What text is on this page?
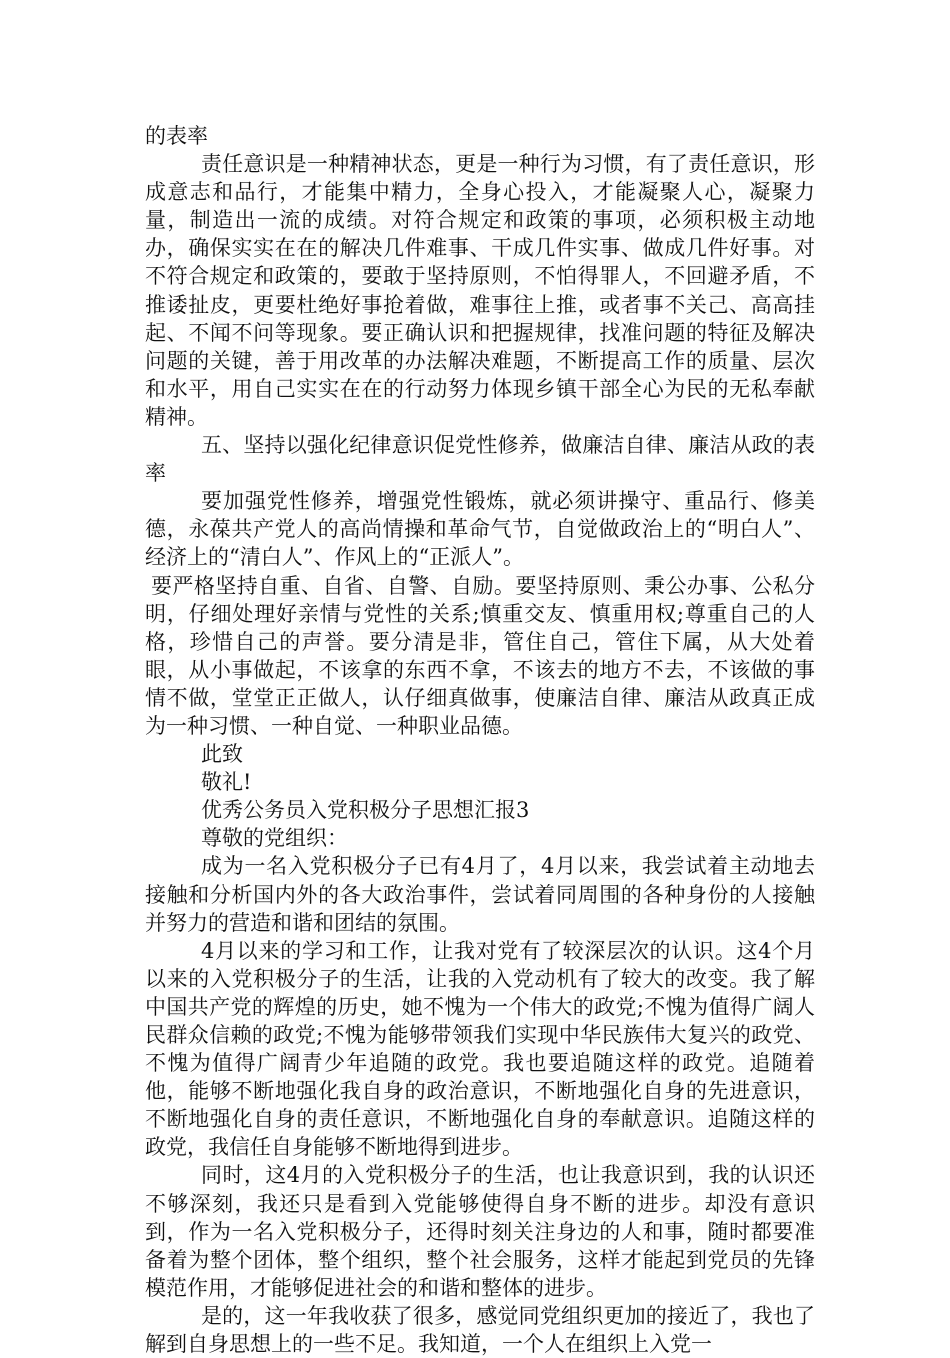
的表率

责任意识是一种精神状态，更是一种行为习惯，有了责任意识，形成意志和品行，才能集中精力，全身心投入，才能凝聚人心，凝聚力量，制造出一流的成绩。对符合规定和政策的事项，必须积极主动地办，确保实实在在的解决几件难事、干成几件实事、做成几件好事。对不符合规定和政策的，要敢于坚持原则，不怕得罪人，不回避矛盾，不推诿扯皮，更要杜绝好事抢着做，难事往上推，或者事不关己、高高挂起、不闻不问等现象。要正确认识和把握规律，找准问题的特征及解决问题的关键，善于用改革的办法解决难题，不断提高工作的质量、层次和水平，用自己实实在在的行动努力体现乡镇干部全心为民的无私奉献精神。

五、坚持以强化纪律意识促党性修养，做廉洁自律、廉洁从政的表率

要加强党性修养，增强党性锻炼，就必须讲操守、重品行、修美德，永葆共产党人的高尚情操和革命气节，自觉做政治上的“明白人”、经济上的“清白人”、作风上的“正派人”。

要严格坚持自重、自省、自警、自励。要坚持原则、秉公办事、公私分明，仔细处理好亲情与党性的关系;慎重交友、慎重用权;尊重自己的人格，珍惜自己的声誉。要分清是非，管住自己，管住下属，从大处着眼，从小事做起，不该拿的东西不拿，不该去的地方不去，不该做的事情不做，堂堂正正做人，认仔细真做事，使廉洁自律、廉洁从政真正成为一种习惯、一种自觉、一种职业品德。

此致

敬礼!

优秀公务员入党积极分子思想汇报3

尊敬的党组织：

成为一名入党积极分子已有4月了，4月以来，我尝试着主动地去接触和分析国内外的各大政治事件，尝试着同周围的各种身份的人接触并努力的营造和谐和团结的氛围。

4月以来的学习和工作，让我对党有了较深层次的认识。这4个月以来的入党积极分子的生活，让我的入党动机有了较大的改变。我了解中国共产党的辉煌的历史，她不愧为一个伟大的政党;不愧为值得广阔人民群众信赖的政党;不愧为能够带领我们实现中华民族伟大复兴的政党、不愧为值得广阔青少年追随的政党。我也要追随这样的政党。追随着他，能够不断地强化我自身的政治意识，不断地强化自身的先进意识，不断地强化自身的责任意识，不断地强化自身的奉献意识。追随这样的政党，我信任自身能够不断地得到进步。

同时，这4月的入党积极分子的生活，也让我意识到，我的认识还不够深刻，我还只是看到入党能够使得自身不断的进步。却没有意识到，作为一名入党积极分子，还得时刻关注身边的人和事，随时都要准备着为整个团体，整个组织，整个社会服务，这样才能起到党员的先锋模范作用，才能够促进社会的和谐和整体的进步。

是的，这一年我收获了很多，感觉同党组织更加的接近了，我也了解到自身思想上的一些不足。我知道，一个人在组织上入党一
